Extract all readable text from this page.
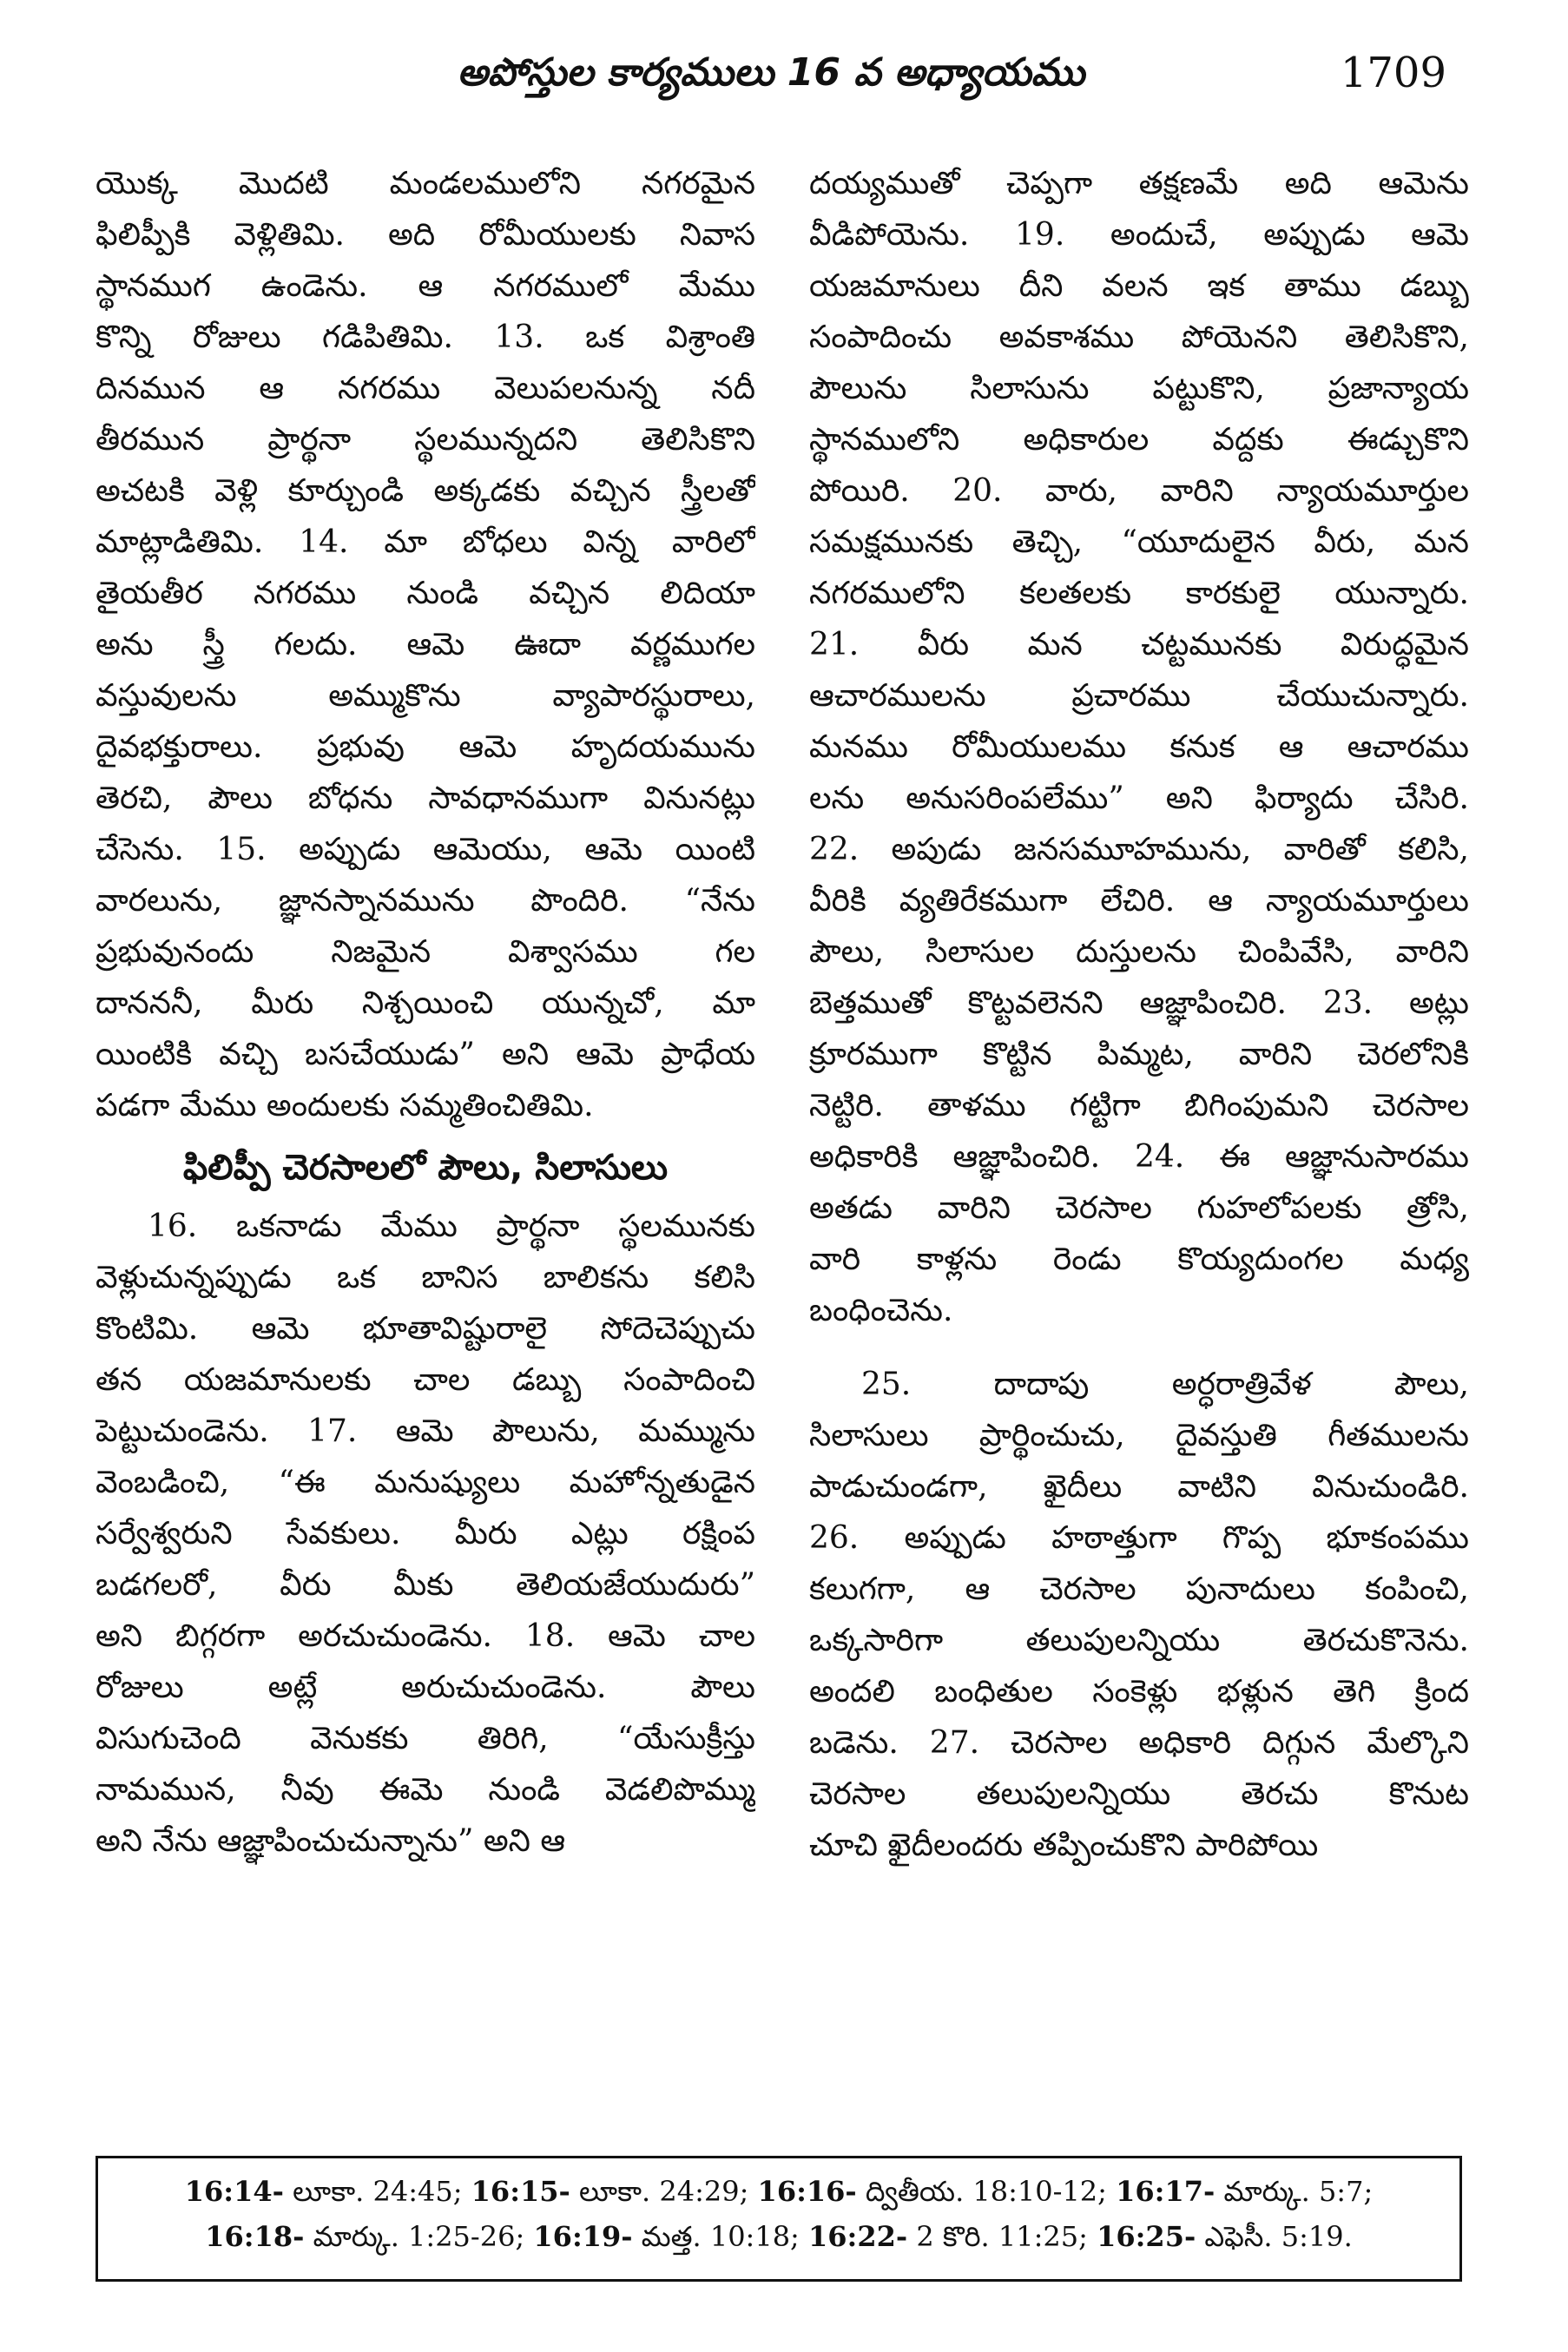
అపోస్తుల కార్యములు 16 వ అధ్యాయము	1709
యొక్క మొదటి మండలములోని నగరమైన
ఫిలిప్పీకి వెళ్లితిమి. అది రోమీయులకు నివాస
స్థానముగ ఉండెను. ఆ నగరములో మేము
కొన్ని రోజులు గడిపితిమి. 13. ఒక విశ్రాంతి
దినమున ఆ నగరము వెలుపలనున్న నదీ
తీరమున ప్రార్థనా స్థలమున్నదని తెలిసికొని
అచటకి వెళ్లి కూర్చుండి అక్కడకు వచ్చిన స్త్రీలతో
మాట్లాడితిమి. 14. మా బోధలు విన్న వారిలో
తైయతీర నగరము నుండి వచ్చిన లిదియా
అను స్త్రీ గలదు. ఆమె ఊదా వర్ణముగల
వస్తువులను అమ్ముకొను వ్యాపారస్థురాలు,
దైవభక్తురాలు. ప్రభువు ఆమె హృదయమును
తెరచి, పౌలు బోధను సావధానముగా వినునట్లు
చేసెను. 15. అప్పుడు ఆమెయు, ఆమె యింటి
వారలును, జ్ఞానస్నానమును పొందిరి. “నేను
ప్రభువునందు నిజమైన విశ్వాసము గల
దానననీ, మీరు నిశ్చయించి యున్నచో, మా
యింటికి వచ్చి బసచేయుడు” అని ఆమె ప్రాధేయ
పడగా మేము అందులకు సమ్మతించితిమి.
ఫిలిప్పీ చెరసాలలో పౌలు, సిలాసులు
16. ఒకనాడు మేము ప్రార్థనా స్థలమునకు
వెళ్లుచున్నప్పుడు ఒక బానిస బాలికను కలిసి
కొంటిమి. ఆమె భూతావిష్టురాలై సోదెచెప్పుచు
తన యజమానులకు చాల డబ్బు సంపాదించి
పెట్టుచుండెను. 17. ఆమె పౌలును, మమ్మును
వెంబడించి, “ఈ మనుష్యులు మహోన్నతుడైన
సర్వేశ్వరుని సేవకులు. మీరు ఎట్లు రక్షింప
బడగలరో, వీరు మీకు తెలియజేయుదురు”
అని బిగ్గరగా అరచుచుండెను. 18. ఆమె చాల
రోజులు అట్లే అరుచుచుండెను. పౌలు
విసుగుచెంది వెనుకకు తిరిగి, “యేసుక్రీస్తు
నామమున, నీవు ఈమె నుండి వెడలిపొమ్ము
అని నేను ఆజ్ఞాపించుచున్నాను” అని ఆ
దయ్యముతో చెప్పగా తక్షణమే అది ఆమెను
వీడిపోయెను. 19. అందుచే, అప్పుడు ఆమె
యజమానులు దీని వలన ఇక తాము డబ్బు
సంపాదించు అవకాశము పోయెనని తెలిసికొని,
పౌలును సిలాసును పట్టుకొని, ప్రజాన్యాయ
స్థానములోని అధికారుల వద్దకు ఈడ్చుకొని
పోయిరి. 20. వారు, వారిని న్యాయమూర్తుల
సమక్షమునకు తెచ్చి, “యూదులైన వీరు, మన
నగరములోని కలతలకు కారకులై యున్నారు.
21. వీరు మన చట్టమునకు విరుద్ధమైన
ఆచారములను ప్రచారము చేయుచున్నారు.
మనము రోమీయులము కనుక ఆ ఆచారము
లను అనుసరింపలేము” అని ఫిర్యాదు చేసిరి.
22. అపుడు జనసమూహమును, వారితో కలిసి,
వీరికి వ్యతిరేకముగా లేచిరి. ఆ న్యాయమూర్తులు
పౌలు, సిలాసుల దుస్తులను చింపివేసి, వారిని
బెత్తముతో కొట్టవలెనని ఆజ్ఞాపించిరి. 23. అట్లు
క్రూరముగా కొట్టిన పిమ్మట, వారిని చెరలోనికి
నెట్టిరి. తాళము గట్టిగా బిగింపుమని చెరసాల
అధికారికి ఆజ్ఞాపించిరి. 24. ఈ ఆజ్ఞానుసారము
అతడు వారిని చెరసాల గుహలోపలకు త్రోసి,
వారి కాళ్లను రెండు కొయ్యదుంగల మధ్య
బంధించెను.
25. దాదాపు అర్ధరాత్రివేళ పౌలు,
సిలాసులు ప్రార్థించుచు, దైవస్తుతి గీతములను
పాడుచుండగా, ఖైదీలు వాటిని వినుచుండిరి.
26. అప్పుడు హఠాత్తుగా గొప్ప భూకంపము
కలుగగా, ఆ చెరసాల పునాదులు కంపించి,
ఒక్కసారిగా తలుపులన్నియు తెరచుకొనెను.
అందలి బంధితుల సంకెళ్లు భళ్లున తెగి క్రింద
బడెను. 27. చెరసాల అధికారి దిగ్గున మేల్కొని
చెరసాల తలుపులన్నియు తెరచు కొనుట
చూచి ఖైదీలందరు తప్పించుకొని పారిపోయి
16:14- లూకా. 24:45; 16:15- లూకా. 24:29; 16:16- ద్వితీయ. 18:10-12; 16:17- మార్కు. 5:7;
16:18- మార్కు. 1:25-26; 16:19- మత్త. 10:18; 16:22- 2 కొరి. 11:25; 16:25- ఎఫెసీ. 5:19.
